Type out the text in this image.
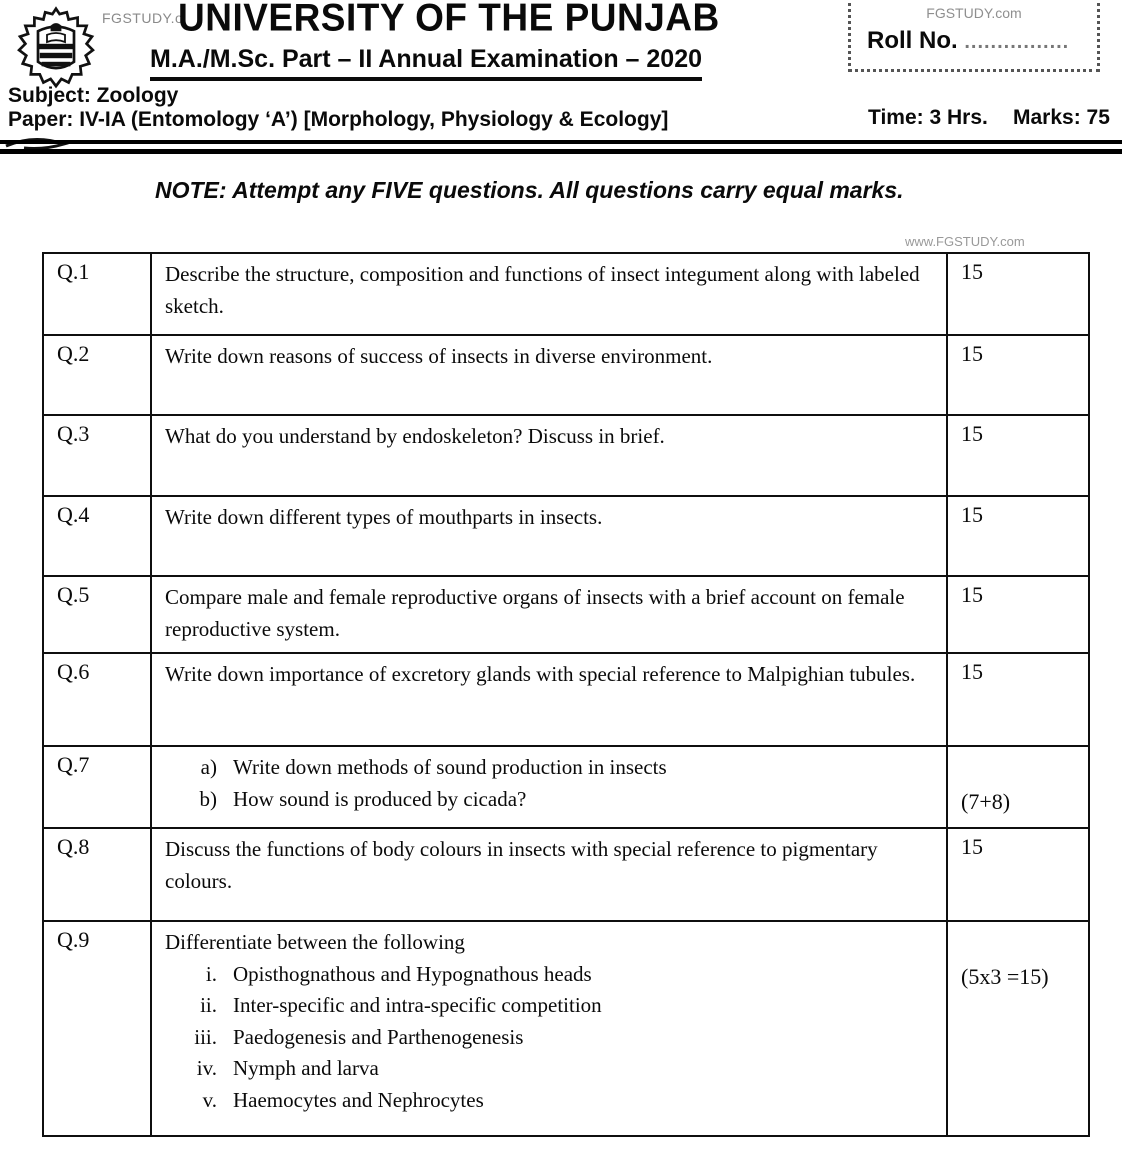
FGSTUDY.o
UNIVERSITY OF THE PUNJAB
M.A./M.Sc. Part – II Annual Examination – 2020
FGSTUDY.com
Roll No. ................
Subject: Zoology
Paper: IV-IA (Entomology ‘A’) [Morphology, Physiology & Ecology]	Time: 3 Hrs. Marks: 75
NOTE: Attempt any FIVE questions. All questions carry equal marks.
www.FGSTUDY.com
Q.1	Describe the structure, composition and functions of insect integument along with labeled sketch.	15
Q.2	Write down reasons of success of insects in diverse environment.	15
Q.3	What do you understand by endoskeleton? Discuss in brief.	15
Q.4	Write down different types of mouthparts in insects.	15
Q.5	Compare male and female reproductive organs of insects with a brief account on female reproductive system.	15
Q.6	Write down importance of excretory glands with special reference to Malpighian tubules.	15
Q.7	a) Write down methods of sound production in insects
b) How sound is produced by cicada?	(7+8)
Q.8	Discuss the functions of body colours in insects with special reference to pigmentary colours.	15
Q.9	Differentiate between the following
i. Opisthognathous and Hypognathous heads
ii. Inter-specific and intra-specific competition
iii. Paedogenesis and Parthenogenesis
iv. Nymph and larva
v. Haemocytes and Nephrocytes
	(5x3 =15)
